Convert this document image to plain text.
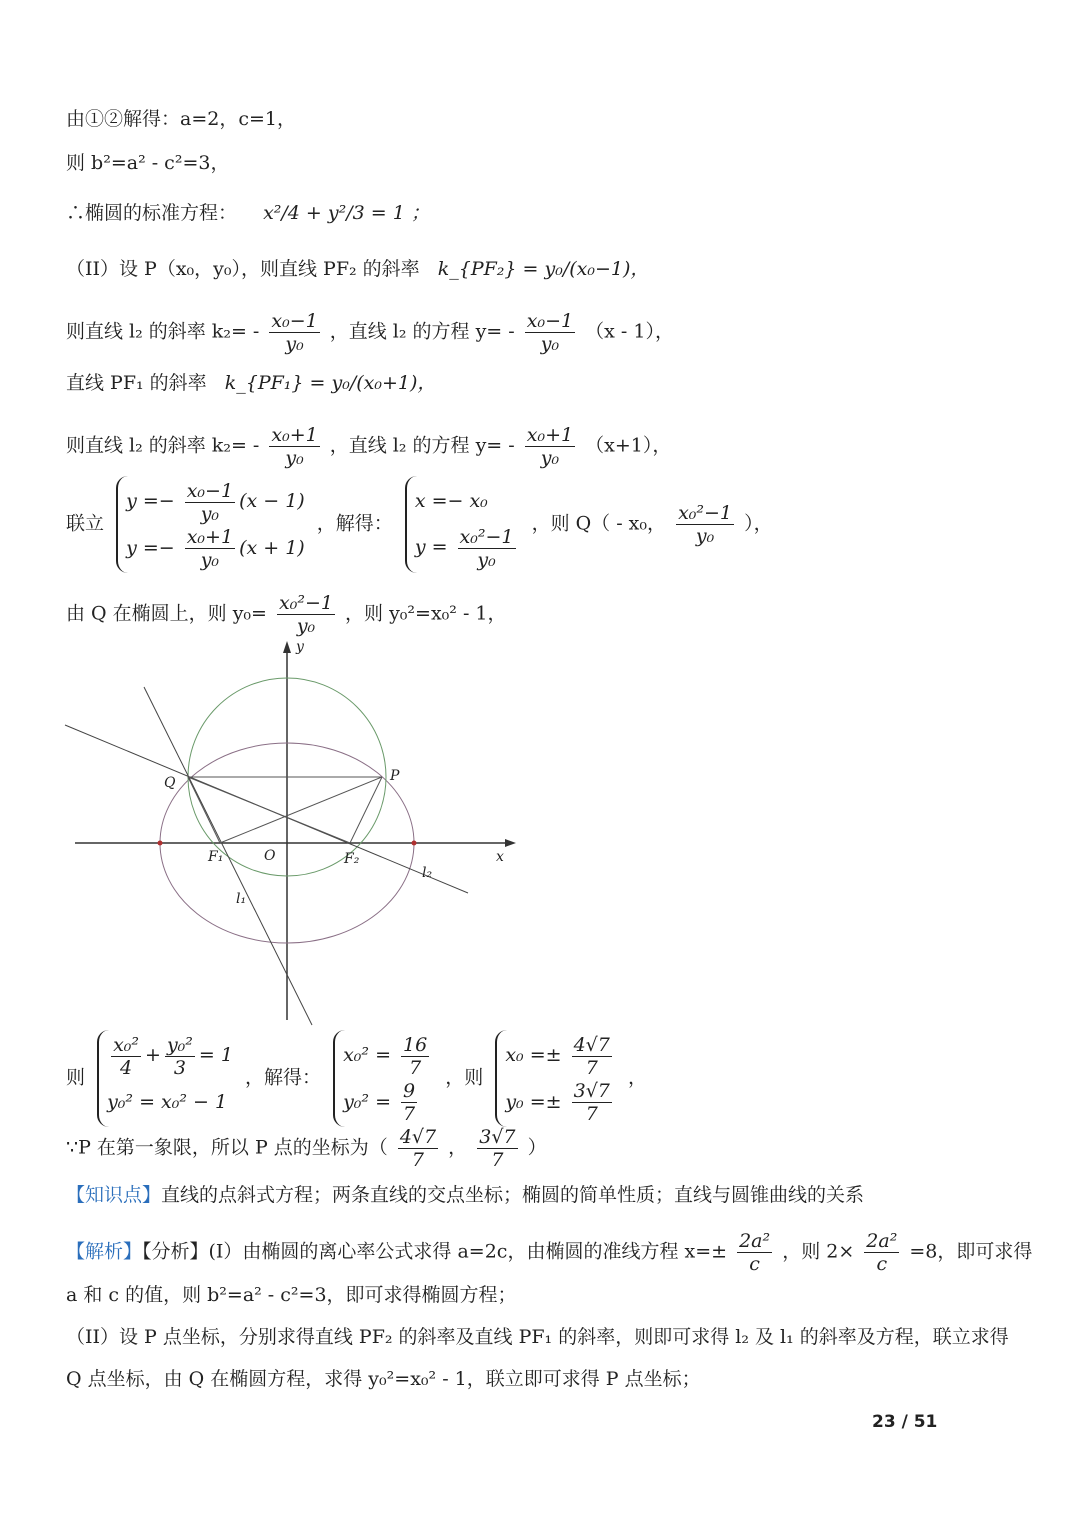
由①②解得：a=2，c=1，
则 b²=a² - c²=3，
∴椭圆的标准方程： x²/4 + y²/3 = 1 ；
（II）设 P（x₀，y₀），则直线 PF₂ 的斜率 k_{PF₂} = y₀/(x₀−1)，
则直线 l₂ 的斜率 $k_2= - \frac{\text{x₀−1}}{\text{y₀}}$ ，直线 l₂ 的方程 $y= - \frac{\text{x₀−1}}{\text{y₀}} (x - 1)$，
直线 PF₁ 的斜率 k_{PF₁} = y₀/(x₀+1)，
则直线 l₂ 的斜率 $k_2= - \frac{\text{x₀+1}}{\text{y₀}}$ ，直线 l₂ 的方程 $y= - \frac{\text{x₀+1}}{\text{y₀}} (x+1)$，
联立
$y =- \frac{\text{x₀−1}}{\text{y₀}} (x - 1)$
$y =- \frac{\text{x₀+1}}{\text{y₀}} (x + 1)$
，解得：
x =− x₀
$y = \frac{\text{x₀²−1}}{\text{y₀}}$
，则 Q（ - x₀， $\frac{\text{x₀²−1}}{\text{y₀}}$ ），
由 Q 在椭圆上，则 $y_0= \frac{\text{x₀²−1}}{\text{y₀}}$ ，则 y₀²=x₀² - 1，
y
x
Q	P
F₁	O	F₂
l₁
l₂
则 $\frac{\text{x₀²}}{4} + \frac{\text{y₀²}}{3} = 1$
y₀² = x₀² − 1
，解得：
$x_0^2 = \frac{16}{7}$
$y_0^2 = \frac{9}{7}$
，则
$x_0 =\pm \frac{4√7}{7}$
$y_0 =\pm \frac{3√7}{7}$
，
∵P 在第一象限，所以 P 点的坐标为（ $\frac{4√7}{7}$ ， $\frac{3√7}{7}$ ）
【知识点】直线的点斜式方程；两条直线的交点坐标；椭圆的简单性质；直线与圆锥曲线的关系
【解析】【分析】(I）由椭圆的离心率公式求得 a=2c，由椭圆的准线方程 $x=\pm \frac{\text{2a²}}{c}$ ，则 $2\times \frac{\text{2a²}}{c} =8$，即可求得
a 和 c 的值，则 b²=a² - c²=3，即可求得椭圆方程；
（II）设 P 点坐标，分别求得直线 PF₂ 的斜率及直线 PF₁ 的斜率，则即可求得 l₂ 及 l₁ 的斜率及方程，联立求得
Q 点坐标，由 Q 在椭圆方程，求得 y₀²=x₀² - 1，联立即可求得 P 点坐标；
23 / 51
